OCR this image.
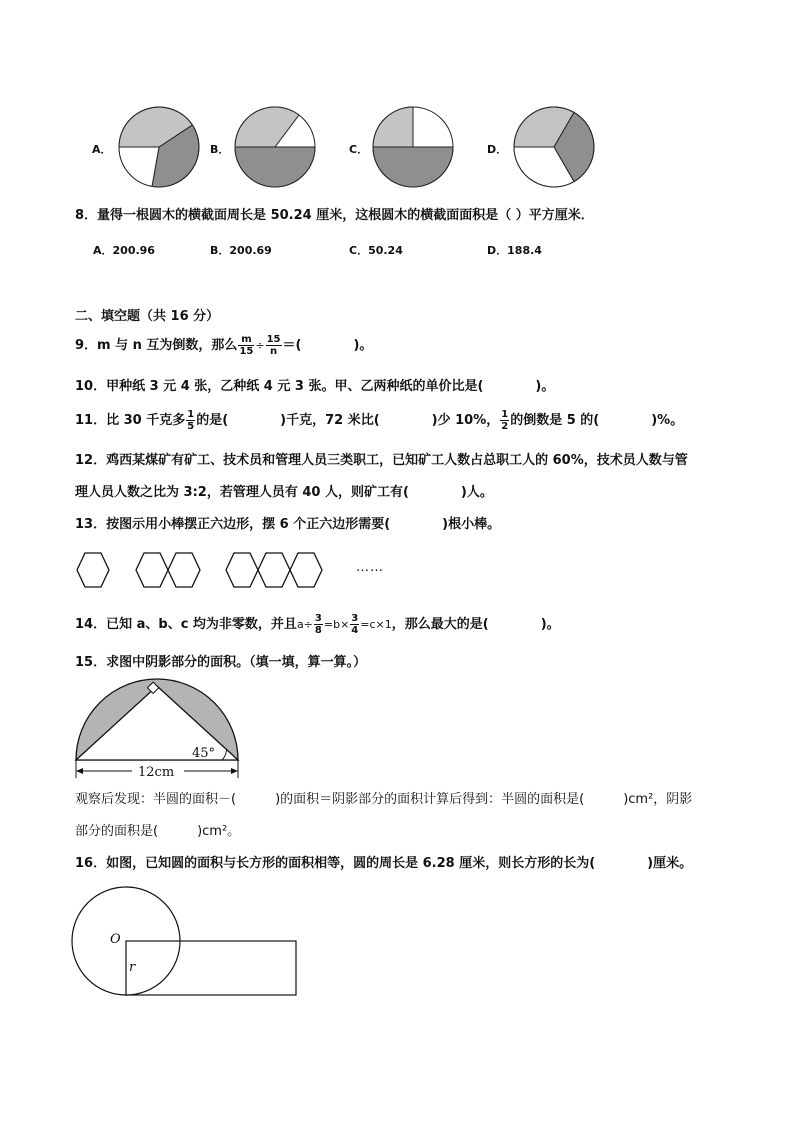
A．	B．	C．	D．
8．量得一根圆木的横截面周长是 50.24 厘米，这根圆木的横截面面积是（ ）平方厘米．
A．200.96	B．200.69	C．50.24	D．188.4
二、填空题（共 16 分）
9．m 与 n 互为倒数，那么 $\frac{m}{15} \div \frac{15}{n}$ ＝(　　　　)。
10．甲种纸 3 元 4 张，乙种纸 4 元 3 张。甲、乙两种纸的单价比是(　　　　)。
11．比 30 千克多 $\frac{1}{5}$ 的是(　　　　)千克，72 米比(　　　　)少 10%， $\frac{1}{2}$ 的倒数是 5 的(　　　　)%。
12．鸡西某煤矿有矿工、技术员和管理人员三类职工，已知矿工人数占总职工人的 60%，技术员人数与管
理人员人数之比为 3:2，若管理人员有 40 人，则矿工有(　　　　)人。
13．按图示用小棒摆正六边形，摆 6 个正六边形需要(　　　　)根小棒。
……
14．已知 a、b、c 均为非零数，并且$a\div \frac{3}{8} =b\times \frac{3}{4} =c\times 1$，那么最大的是(　　　　)。
15．求图中阴影部分的面积。（填一填，算一算。）
45°
12cm
观察后发现：半圆的面积－(　　　)的面积＝阴影部分的面积计算后得到：半圆的面积是(　　　)cm²，阴影
部分的面积是(　　　)cm²。
16．如图，已知圆的面积与长方形的面积相等，圆的周长是 6.28 厘米，则长方形的长为(　　　　)厘米。
O
r
